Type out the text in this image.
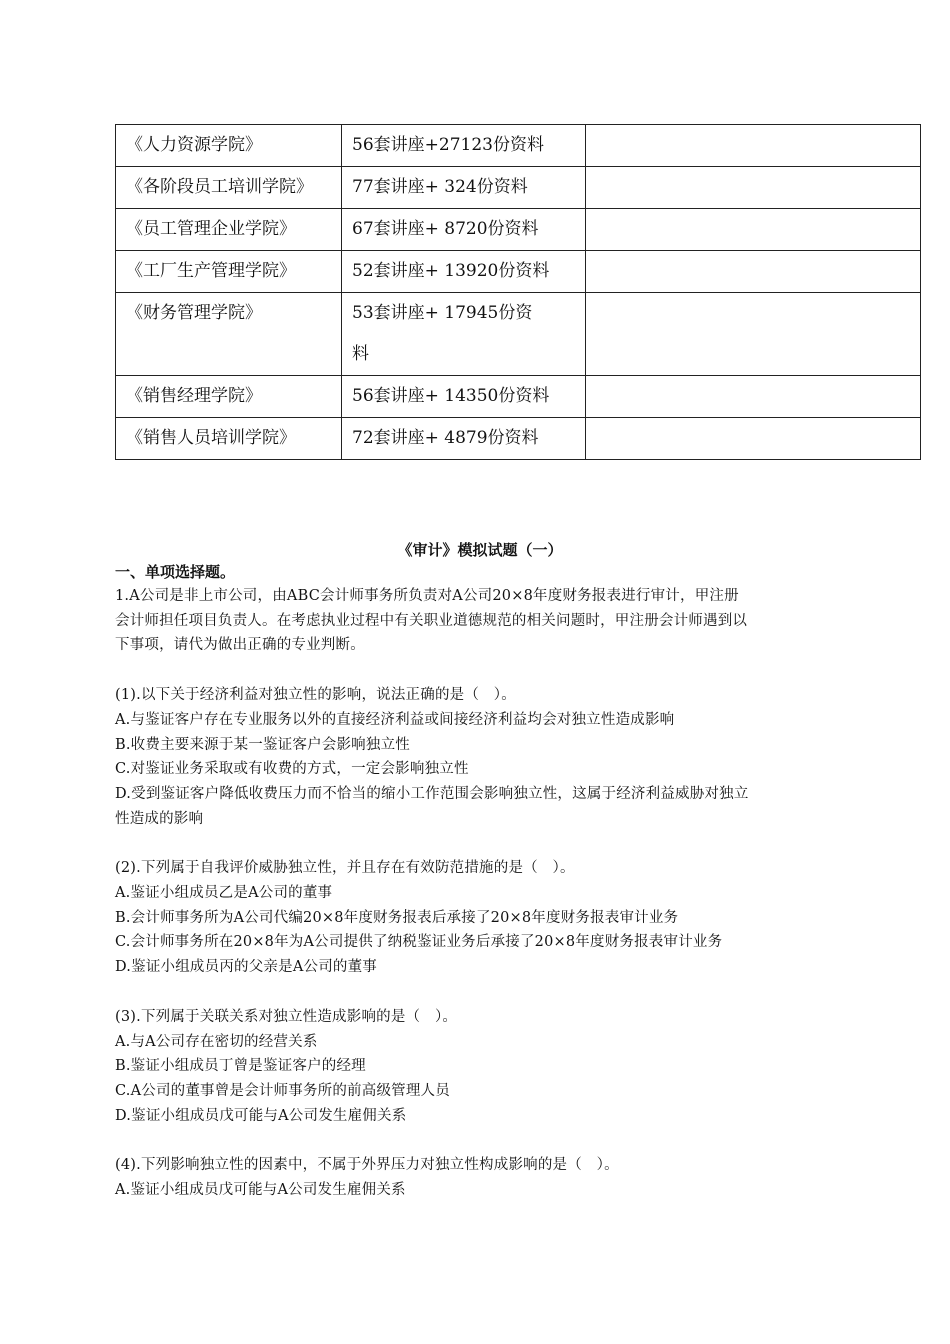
《人力资源学院》	56套讲座+27123份资料	
《各阶段员工培训学院》	77套讲座+ 324份资料	
《员工管理企业学院》	67套讲座+ 8720份资料	
《工厂生产管理学院》	52套讲座+ 13920份资料	
《财务管理学院》	53套讲座+ 17945份资料	
《销售经理学院》	56套讲座+ 14350份资料	
《销售人员培训学院》	72套讲座+ 4879份资料	
《审计》模拟试题（一）
一、单项选择题。
1.A公司是非上市公司，由ABC会计师事务所负责对A公司20×8年度财务报表进行审计，甲注册
会计师担任项目负责人。在考虑执业过程中有关职业道德规范的相关问题时，甲注册会计师遇到以
下事项，请代为做出正确的专业判断。
(1).以下关于经济利益对独立性的影响，说法正确的是（　）。
A.与鉴证客户存在专业服务以外的直接经济利益或间接经济利益均会对独立性造成影响
B.收费主要来源于某一鉴证客户会影响独立性
C.对鉴证业务采取或有收费的方式，一定会影响独立性
D.受到鉴证客户降低收费压力而不恰当的缩小工作范围会影响独立性，这属于经济利益威胁对独立
性造成的影响
(2).下列属于自我评价威胁独立性，并且存在有效防范措施的是（　）。
A.鉴证小组成员乙是A公司的董事
B.会计师事务所为A公司代编20×8年度财务报表后承接了20×8年度财务报表审计业务
C.会计师事务所在20×8年为A公司提供了纳税鉴证业务后承接了20×8年度财务报表审计业务
D.鉴证小组成员丙的父亲是A公司的董事
(3).下列属于关联关系对独立性造成影响的是（　）。
A.与A公司存在密切的经营关系
B.鉴证小组成员丁曾是鉴证客户的经理
C.A公司的董事曾是会计师事务所的前高级管理人员
D.鉴证小组成员戊可能与A公司发生雇佣关系
(4).下列影响独立性的因素中，不属于外界压力对独立性构成影响的是（　）。
A.鉴证小组成员戊可能与A公司发生雇佣关系
